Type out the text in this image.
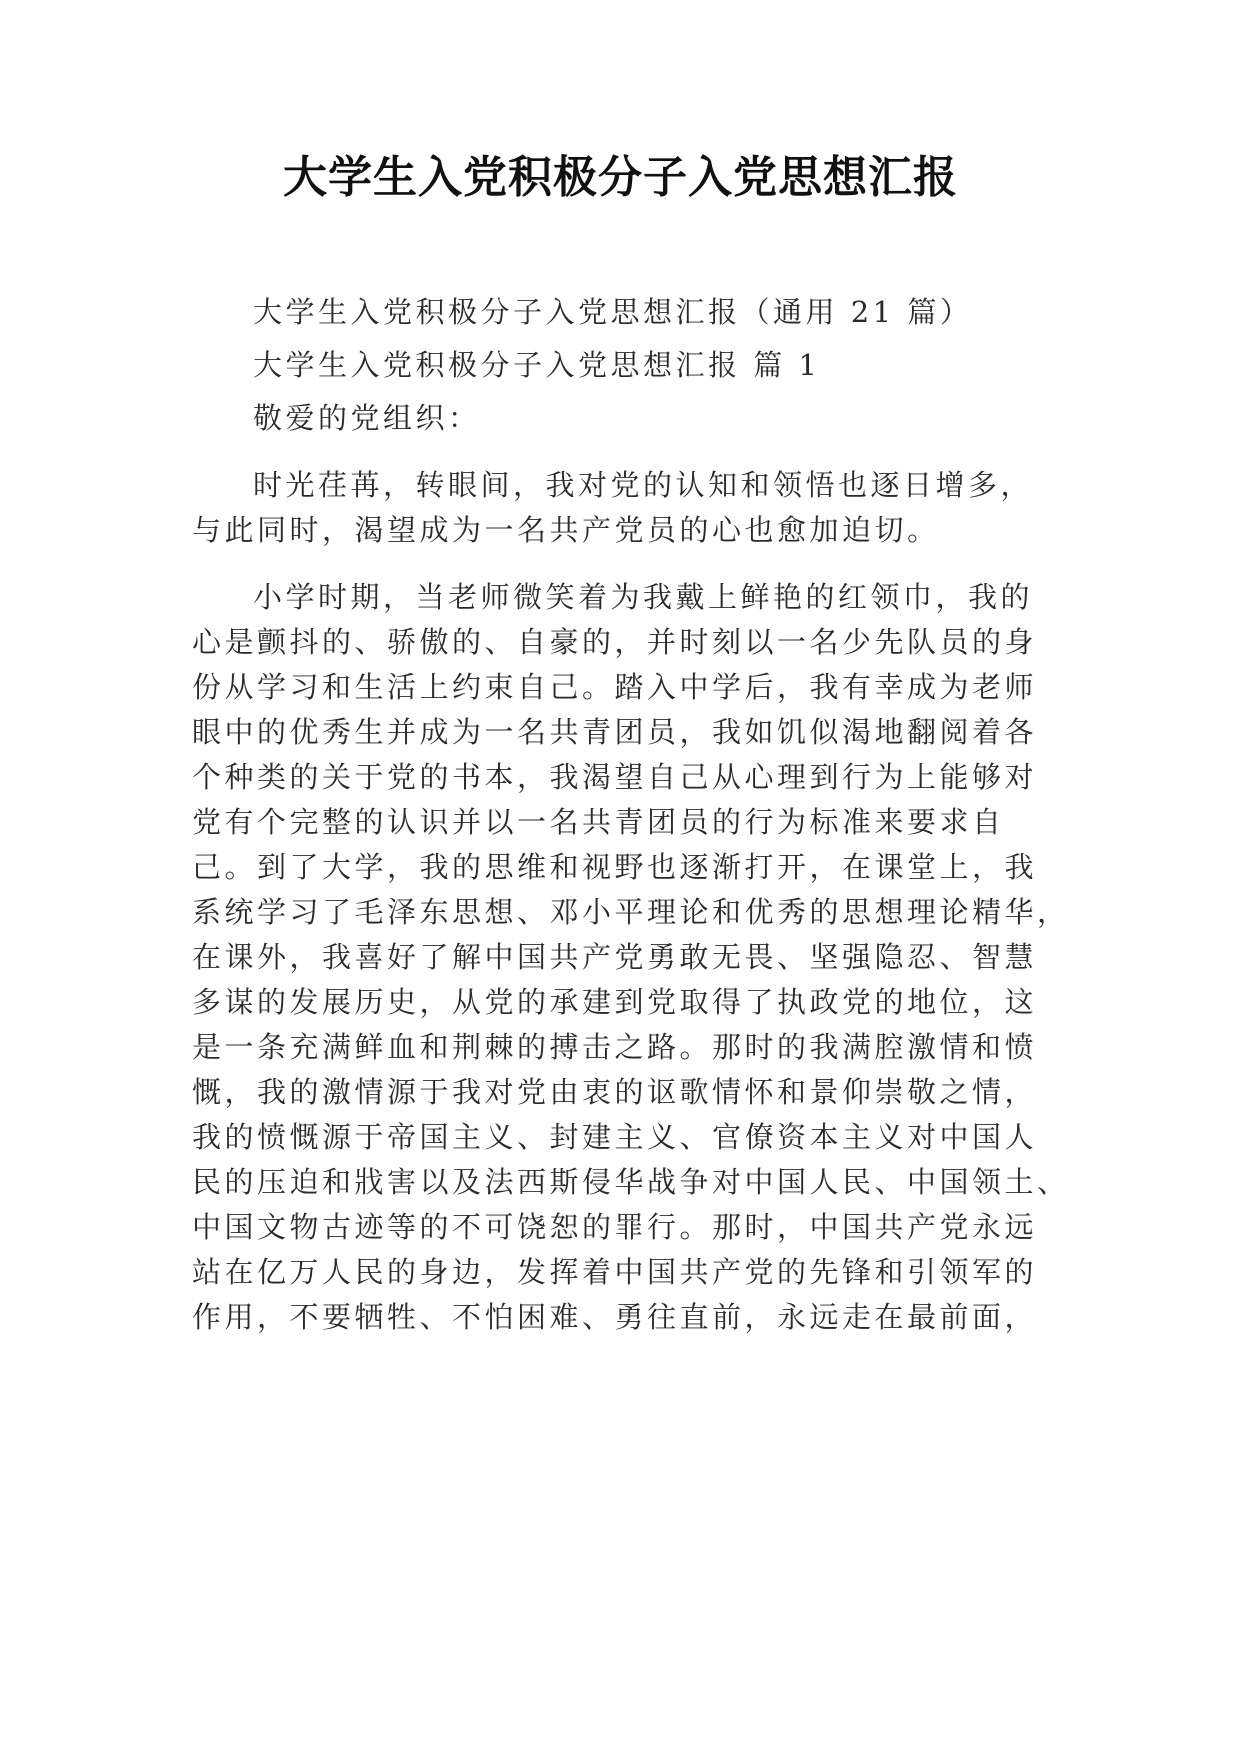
大学生入党积极分子入党思想汇报
大学生入党积极分子入党思想汇报（通用 21 篇）
大学生入党积极分子入党思想汇报 篇 1
敬爱的党组织：
时光荏苒，转眼间，我对党的认知和领悟也逐日增多，
与此同时，渴望成为一名共产党员的心也愈加迫切。
小学时期，当老师微笑着为我戴上鲜艳的红领巾，我的
心是颤抖的、骄傲的、自豪的，并时刻以一名少先队员的身
份从学习和生活上约束自己。踏入中学后，我有幸成为老师
眼中的优秀生并成为一名共青团员，我如饥似渴地翻阅着各
个种类的关于党的书本，我渴望自己从心理到行为上能够对
党有个完整的认识并以一名共青团员的行为标准来要求自
己。到了大学，我的思维和视野也逐渐打开，在课堂上，我
系统学习了毛泽东思想、邓小平理论和优秀的思想理论精华，
在课外，我喜好了解中国共产党勇敢无畏、坚强隐忍、智慧
多谋的发展历史，从党的承建到党取得了执政党的地位，这
是一条充满鲜血和荆棘的搏击之路。那时的我满腔激情和愤
慨，我的激情源于我对党由衷的讴歌情怀和景仰崇敬之情，
我的愤慨源于帝国主义、封建主义、官僚资本主义对中国人
民的压迫和戕害以及法西斯侵华战争对中国人民、中国领土、
中国文物古迹等的不可饶恕的罪行。那时，中国共产党永远
站在亿万人民的身边，发挥着中国共产党的先锋和引领军的
作用，不要牺牲、不怕困难、勇往直前，永远走在最前面，
